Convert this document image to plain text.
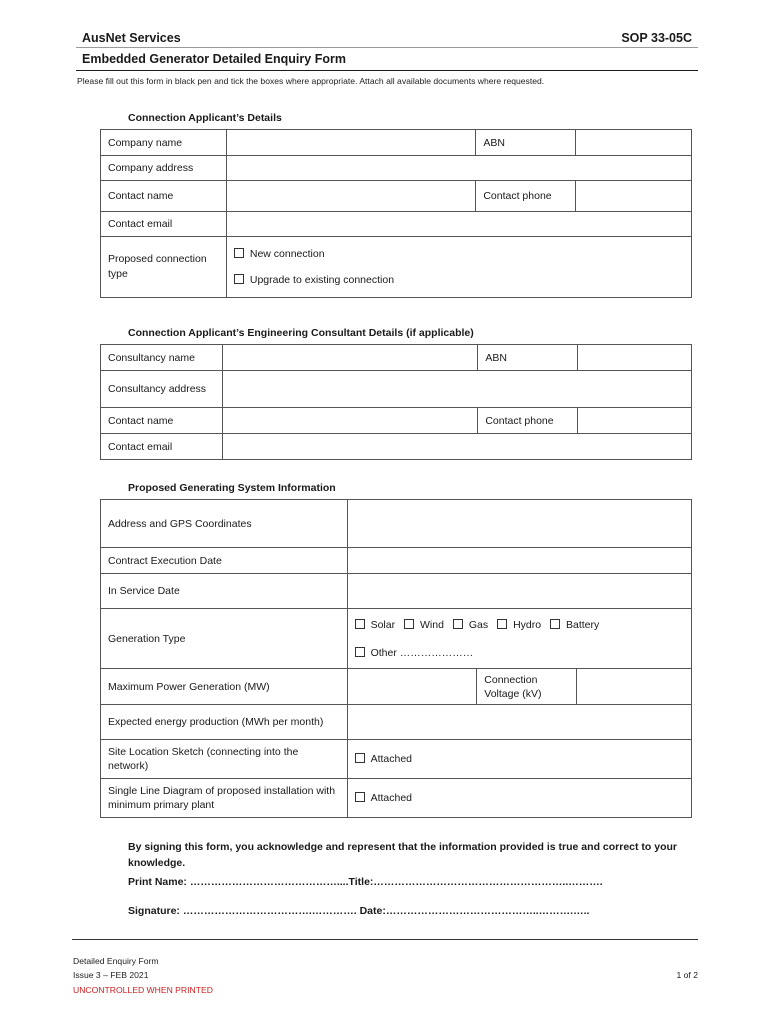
AusNet Services	SOP 33-05C
Embedded Generator Detailed Enquiry Form
Please fill out this form in black pen and tick the boxes where appropriate. Attach all available documents where requested.
Connection Applicant’s Details
Company name		ABN	
Company address			
Contact name		Contact phone	
Contact email			
Proposed connection type	New connection
Upgrade to existing connection		
Connection Applicant’s Engineering Consultant Details (if applicable)
Consultancy name		ABN	
Consultancy address			
Contact name		Contact phone	
Contact email			
Proposed Generating System Information
Address and GPS Coordinates			
Contract Execution Date			
In Service Date			
Generation Type	Solar Wind Gas Hydro Battery
Other …………………		

Maximum Power Generation (MW)		Connection Voltage (kV)	
Expected energy production (MWh per month)			
Site Location Sketch (connecting into the network)	Attached		
Single Line Diagram of proposed installation with minimum primary plant	Attached		
By signing this form, you acknowledge and represent that the information provided is true and correct to your knowledge.
Print Name: ……………………………………....Title:………………………………………………..……….
Signature: ……………………………….…………. Date:……………………………………..……….…..
Detailed Enquiry Form
Issue 3 – FEB 2021
UNCONTROLLED WHEN PRINTED
1 of 2
